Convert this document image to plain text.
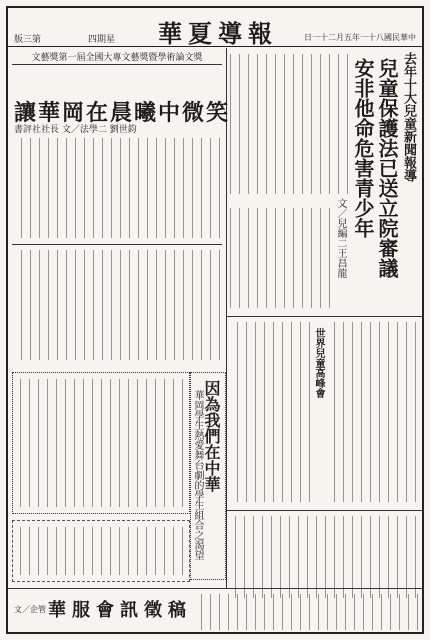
版三第	四期星 華夏導報	日一十二月五年一十八國民華中
去年十大兒童新聞報導
兒童保護法已送立院審議
安非他命危害青少年
文／兒編二王昌龍
世界兒童高峰會
文藝獎第一屆全國大專文藝獎暨學術論文獎
讓華岡在晨曦中微笑
書評社社長 文／法學二 劉世鈞
因為我們在中華
華岡學生熱愛舞台劇的學生組合之渴望
華服會訊徵稿
文／企管
